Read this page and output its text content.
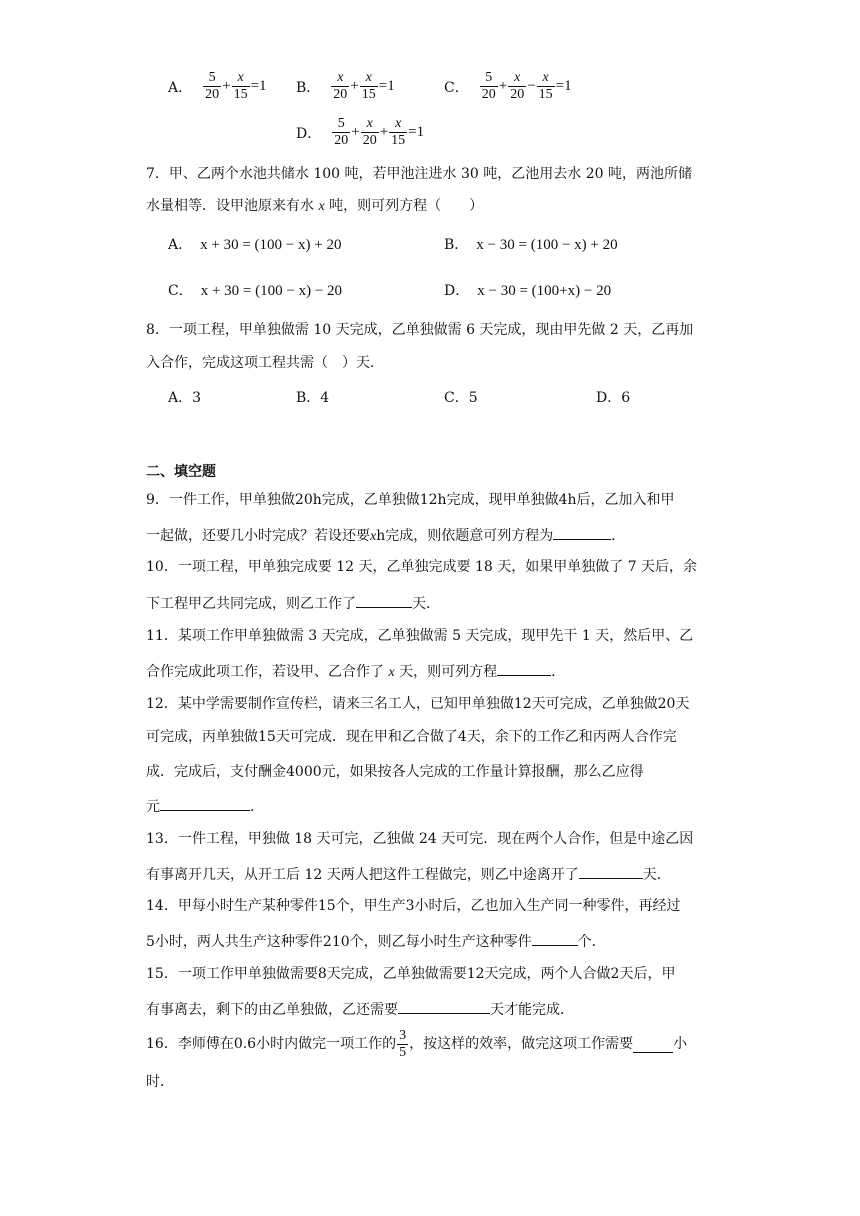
A． $\frac{5}{20} + \frac{x}{15} =1$ B． $\frac{x}{20} + \frac{x}{15} =1$	C． $\frac{5}{20} + \frac{x}{20} - \frac{x}{15} =1$
D． $\frac{5}{20} + \frac{x}{20} + \frac{x}{15} =1$
7．甲、乙两个水池共储水 100 吨，若甲池注进水 30 吨，乙池用去水 20 吨，两池所储
水量相等．设甲池原来有水 x 吨，则可列方程（　　）
A． x + 30 = (100 − x) + 20	B． x − 30 = (100 − x) + 20
C． x + 30 = (100 − x) − 20	D． x − 30 = (100+x) − 20
8．一项工程，甲单独做需 10 天完成，乙单独做需 6 天完成，现由甲先做 2 天，乙再加
入合作，完成这项工程共需（　）天．
A．3	B．4	C．5	D．6
二、填空题
9．一件工作，甲单独做20h完成，乙单独做12h完成，现甲单独做4h后，乙加入和甲
一起做，还要几小时完成？若设还要xh完成，则依题意可列方程为	．
10．一项工程，甲单独完成要 12 天，乙单独完成要 18 天，如果甲单独做了 7 天后，余
下工程甲乙共同完成，则乙工作了	天．
11．某项工作甲单独做需 3 天完成，乙单独做需 5 天完成，现甲先干 1 天，然后甲、乙
合作完成此项工作，若设甲、乙合作了 x 天，则可列方程	．
12．某中学需要制作宣传栏，请来三名工人，已知甲单独做12天可完成，乙单独做20天
可完成，丙单独做15天可完成．现在甲和乙合做了4天，余下的工作乙和丙两人合作完
成．完成后，支付酬金4000元，如果按各人完成的工作量计算报酬，那么乙应得
元	．
13．一件工程，甲独做 18 天可完，乙独做 24 天可完．现在两个人合作，但是中途乙因
有事离开几天，从开工后 12 天两人把这件工程做完，则乙中途离开了	天．
14．甲每小时生产某种零件15个，甲生产3小时后，乙也加入生产同一种零件，再经过
5小时，两人共生产这种零件210个，则乙每小时生产这种零件	个．
15．一项工作甲单独做需要8天完成，乙单独做需要12天完成，两个人合做2天后，甲
有事离去，剩下的由乙单独做，乙还需要	天才能完成．
16．李师傅在0.6小时内做完一项工作的 $\frac{3}{5}$ ，按这样的效率，做完这项工作需要	小
时．
